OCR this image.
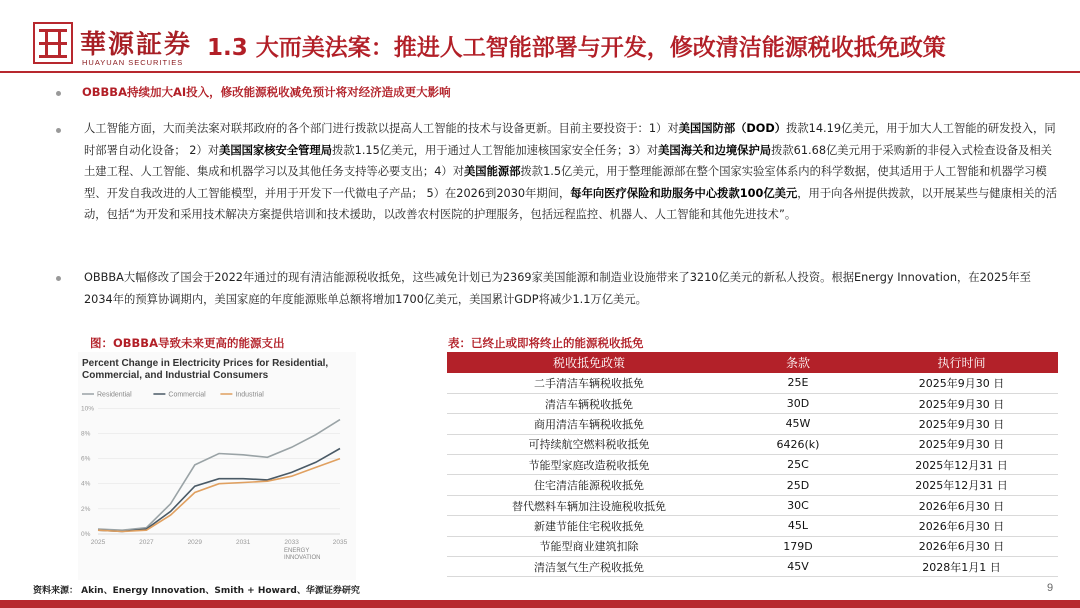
華源証券
HUAYUAN SECURITIES
1.3 大而美法案：推进人工智能部署与开发，修改清洁能源税收抵免政策
OBBBA持续加大AI投入，修改能源税收减免预计将对经济造成更大影响
人工智能方面，大而美法案对联邦政府的各个部门进行拨款以提高人工智能的技术与设备更新。目前主要投资于：1）对美国国防部（DOD）拨款14.19亿美元，用于加大人工智能的研发投入，同时部署自动化设备； 2）对美国国家核安全管理局拨款1.15亿美元，用于通过人工智能加速核国家安全任务；3）对美国海关和边境保护局拨款61.68亿美元用于采购新的非侵入式检查设备及相关土建工程、人工智能、集成和机器学习以及其他任务支持等必要支出；4）对美国能源部拨款1.5亿美元，用于整理能源部在整个国家实验室体系内的科学数据，使其适用于人工智能和机器学习模型、开发自我改进的人工智能模型，并用于开发下一代微电子产品； 5）在2026到2030年期间，每年向医疗保险和助服务中心拨款100亿美元，用于向各州提供拨款，以开展某些与健康相关的活动，包括“为开发和采用技术解决方案提供培训和技术援助，以改善农村医院的护理服务，包括远程监控、机器人、人工智能和其他先进技术”。
OBBBA大幅修改了国会于2022年通过的现有清洁能源税收抵免，这些减免计划已为2369家美国能源和制造业设施带来了3210亿美元的新私人投资。根据Energy Innovation，在2025年至2034年的预算协调期内，美国家庭的年度能源账单总额将增加1700亿美元，美国累计GDP将减少1.1万亿美元。
图：OBBBA导致未来更高的能源支出
Percent Change in Electricity Prices for Residential,
Commercial, and Industrial Consumers
Residential	Commercial	Industrial
0%
2%
4%
6%
8%
10%
2025	2027	2029	2031	2033	2035
ENERGY
INNOVATION
表：已终止或即将终止的能源税收抵免
税收抵免政策	条款	执行时间
二手清洁车辆税收抵免	25E	2025年9月30 日
清洁车辆税收抵免	30D	2025年9月30 日
商用清洁车辆税收抵免	45W	2025年9月30 日
可持续航空燃料税收抵免	6426(k)	2025年9月30 日
节能型家庭改造税收抵免	25C	2025年12月31 日
住宅清洁能源税收抵免	25D	2025年12月31 日
替代燃料车辆加注设施税收抵免	30C	2026年6月30 日
新建节能住宅税收抵免	45L	2026年6月30 日
节能型商业建筑扣除	179D	2026年6月30 日
清洁氢气生产税收抵免	45V	2028年1月1 日
资料来源： Akin、Energy Innovation、Smith + Howard、华源证券研究	9
